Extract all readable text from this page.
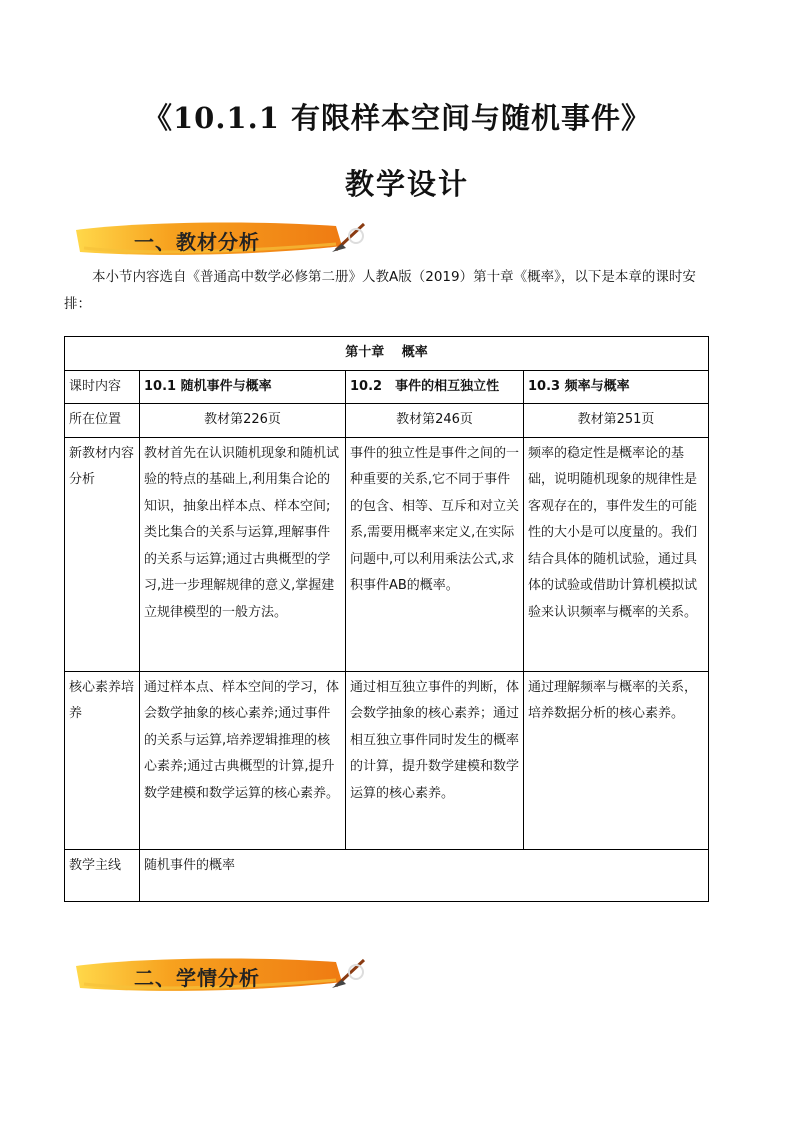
《10.1.1 有限样本空间与随机事件》
教学设计
一、教材分析
本小节内容选自《普通高中数学必修第二册》人教A版（2019）第十章《概率》，以下是本章的课时安排：
第十章　 概率			
课时内容	10.1 随机事件与概率	10.2　事件的相互独立性	10.3 频率与概率
所在位置	教材第226页	教材第246页	教材第251页
新教材内容分析	教材首先在认识随机现象和随机试验的特点的基础上,利用集合论的知识，抽象出样本点、样本空间;类比集合的关系与运算,理解事件的关系与运算;通过古典概型的学习,进一步理解规律的意义,掌握建立规律模型的一般方法。	事件的独立性是事件之间的一种重要的关系,它不同于事件的包含、相等、互斥和对立关系,需要用概率来定义,在实际问题中,可以利用乘法公式,求积事件AB的概率。	频率的稳定性是概率论的基础，说明随机现象的规律性是客观存在的，事件发生的可能性的大小是可以度量的。我们结合具体的随机试验，通过具体的试验或借助计算机模拟试验来认识频率与概率的关系。
核心素养培养	通过样本点、样本空间的学习，体会数学抽象的核心素养;通过事件的关系与运算,培养逻辑推理的核心素养;通过古典概型的计算,提升数学建模和数学运算的核心素养。	通过相互独立事件的判断，体会数学抽象的核心素养；通过相互独立事件同时发生的概率的计算，提升数学建模和数学运算的核心素养。	通过理解频率与概率的关系，培养数据分析的核心素养。
教学主线	随机事件的概率		
二、学情分析
